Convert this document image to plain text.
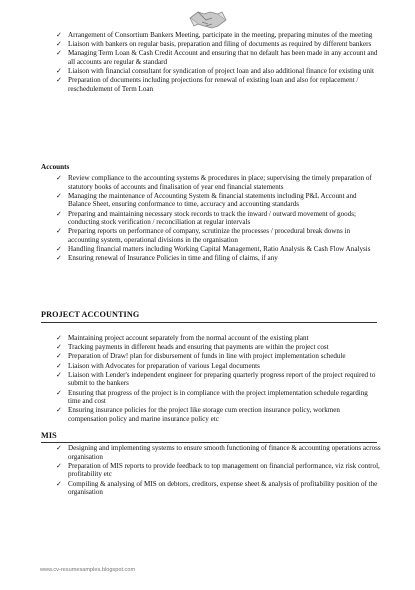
✓ Arrangement of Consortium Bankers Meeting, participate in the meeting, preparing minutes of the meeting
✓ Liaison with bankers on regular basis, preparation and filing of documents as required by different bankers
✓ Managing Term Loan & Cash Credit Account and ensuring that no default has been made in any account and all accounts are regular & standard
✓ Liaison with financial consultant for syndication of project loan and also additional finance for existing unit
✓ Preparation of documents including projections for renewal of existing loan and also for replacement / reschedulement of Term Loan
Accounts
✓ Review compliance to the accounting systems & procedures in place; supervising the timely preparation of statutory books of accounts and finalisation of year end financial statements
✓ Managing the maintenance of Accounting System & financial statements including P&L Account and Balance Sheet, ensuring conformance to time, accuracy and accounting standards
✓ Preparing and maintaining necessary stock records to track the inward / outward movement of goods; conducting stock verification / reconciliation at regular intervals
✓ Preparing reports on performance of company, scrutinize the processes / procedural break downs in accounting system, operational divisions in the organisation
✓ Handling financial matters including Working Capital Management, Ratio Analysis & Cash Flow Analysis
✓ Ensuring renewal of Insurance Policies in time and filing of claims, if any
PROJECT ACCOUNTING
✓ Maintaining project account separately from the normal account of the existing plant
✓ Tracking payments in different heads and ensuring that payments are within the project cost
✓ Preparation of Draw! plan for disbursement of funds in line with project implementation schedule
✓ Liaison with Advocates for preparation of various Legal documents
✓ Liaison with Lender's independent engineer for preparing quarterly progress report of the project required to submit to the bankers
✓ Ensuring that progress of the project is in compliance with the project implementation schedule regarding time and cost
✓ Ensuring insurance policies for the project like storage cum erection insurance policy, workmen compensation policy and marine insurance policy etc
MIS
✓ Designing and implementing systems to ensure smooth functioning of finance & accounting operations across organisation
✓ Preparation of MIS reports to provide feedback to top management on financial performance, viz risk control, profitability etc
✓ Compiling & analysing of MIS on debtors, creditors, expense sheet & analysis of profitability position of the organisation
www.cv-resumesamples.blogspot.com
